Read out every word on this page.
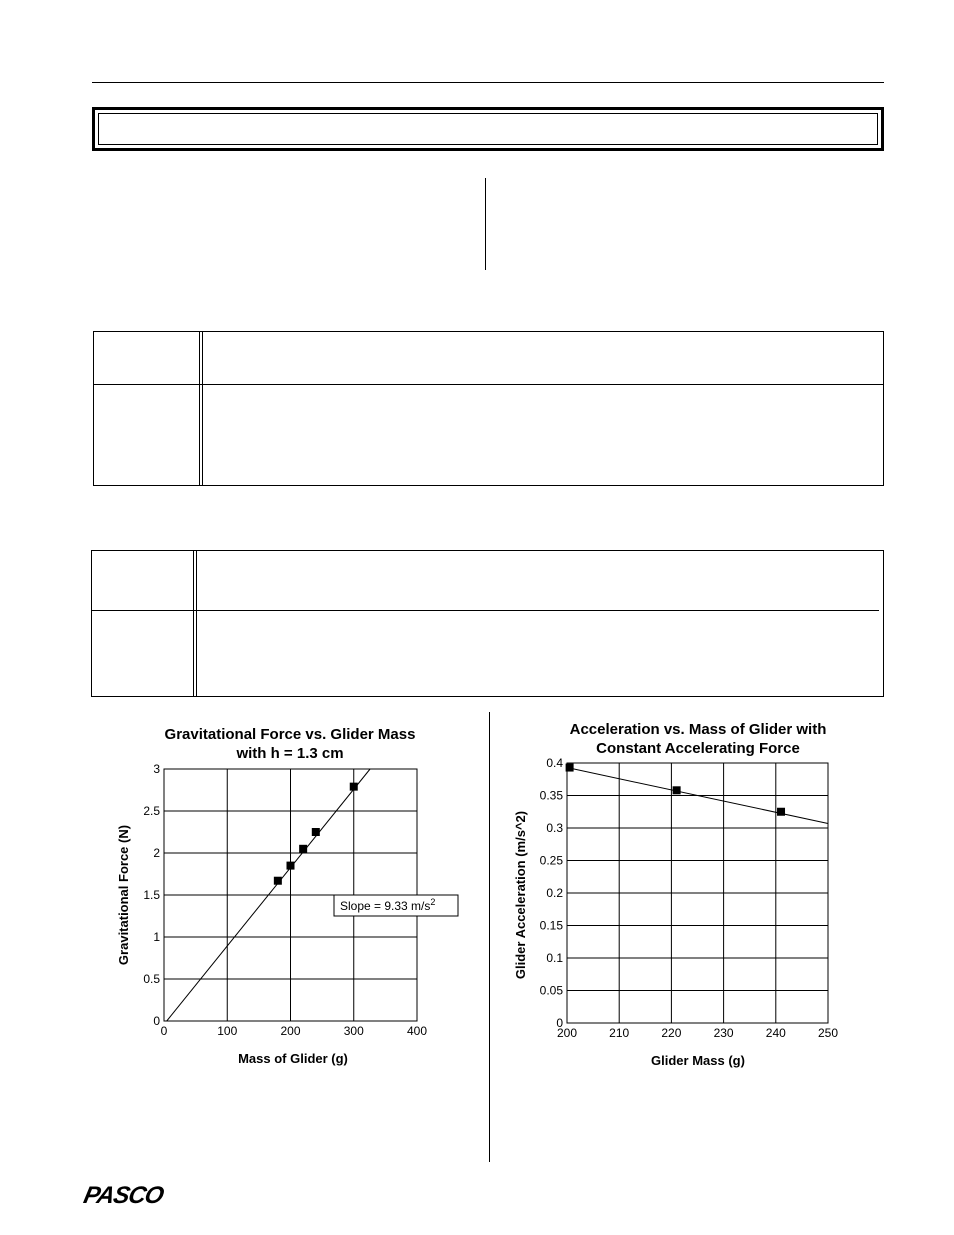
Gravitational Force vs. Glider Mass
with h = 1.3 cm
0	100	200	300	400
0
0.5
1
1.5
2
2.5
3
Slope = 9.33 $m/s^2$
Mass of Glider (g)
Gravitational Force (N)
Acceleration vs. Mass of Glider with
Constant Accelerating Force
200	210	220	230	240	250
0
0.05
0.1
0.15
0.2
0.25
0.3
0.35
0.4
Glider Mass (g)
Glider Acceleration (m/s^2)
PASCO
